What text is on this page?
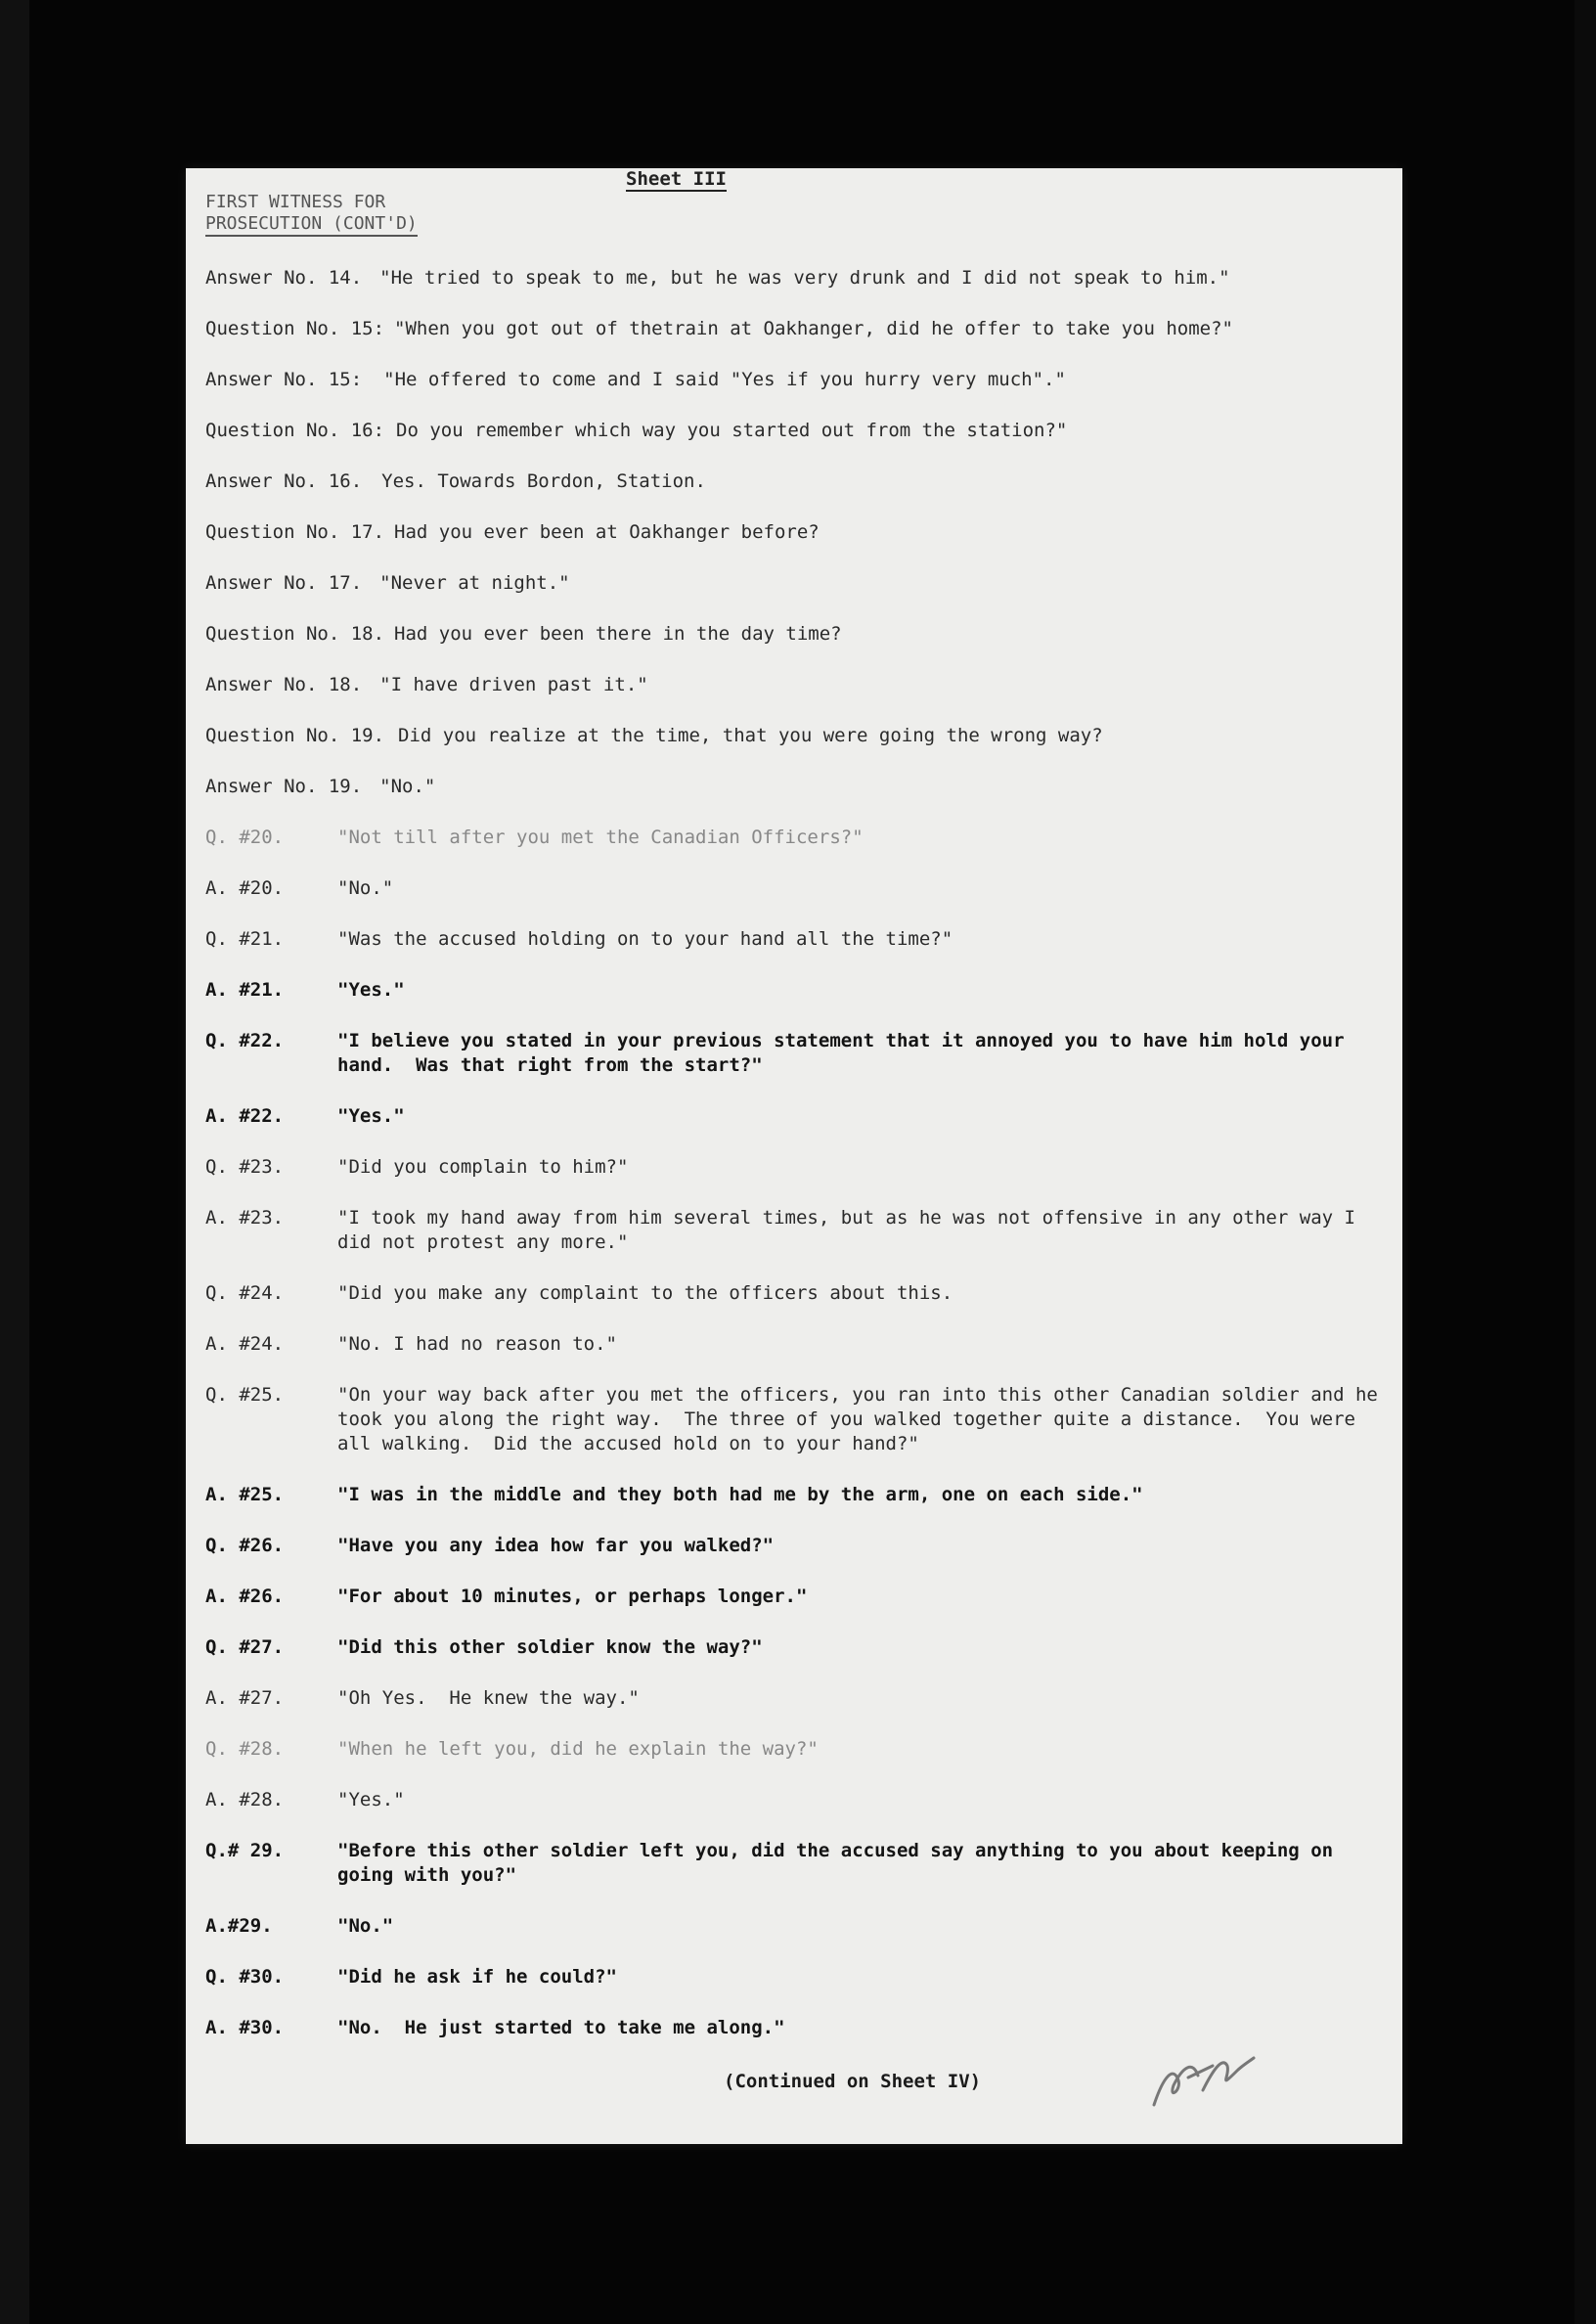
Sheet III
FIRST WITNESS FOR
PROSECUTION (CONT'D)
Answer No. 14. "He tried to speak to me, but he was very drunk and I did not speak to him."
Question No. 15: "When you got out of thetrain at Oakhanger, did he offer to take you home?"
Answer No. 15: "He offered to come and I said "Yes if you hurry very much"."
Question No. 16: Do you remember which way you started out from the station?"
Answer No. 16. Yes. Towards Bordon, Station.
Question No. 17. Had you ever been at Oakhanger before?
Answer No. 17. "Never at night."
Question No. 18. Had you ever been there in the day time?
Answer No. 18. "I have driven past it."
Question No. 19. Did you realize at the time, that you were going the wrong way?
Answer No. 19. "No."
Q. #20.	"Not till after you met the Canadian Officers?"
A. #20.	"No."
Q. #21.	"Was the accused holding on to your hand all the time?"
A. #21.	"Yes."
Q. #22.	"I believe you stated in your previous statement that it annoyed you to have him hold your hand.  Was that right from the start?"
A. #22.	"Yes."
Q. #23.	"Did you complain to him?"
A. #23.	"I took my hand away from him several times, but as he was not offensive in any other way I did not protest any more."
Q. #24.	"Did you make any complaint to the officers about this.
A. #24.	"No. I had no reason to."
Q. #25.	"On your way back after you met the officers, you ran into this other Canadian soldier and he took you along the right way.  The three of you walked together quite a distance.  You were all walking.  Did the accused hold on to your hand?"
A. #25.	"I was in the middle and they both had me by the arm, one on each side."
Q. #26.	"Have you any idea how far you walked?"
A. #26.	"For about 10 minutes, or perhaps longer."
Q. #27.	"Did this other soldier know the way?"
A. #27.	"Oh Yes.  He knew the way."
Q. #28.	"When he left you, did he explain the way?"
A. #28.	"Yes."
Q.# 29.	"Before this other soldier left you, did the accused say anything to you about keeping on going with you?"
A.#29.	"No."
Q. #30.	"Did he ask if he could?"
A. #30.	"No.  He just started to take me along."
(Continued on Sheet IV)
